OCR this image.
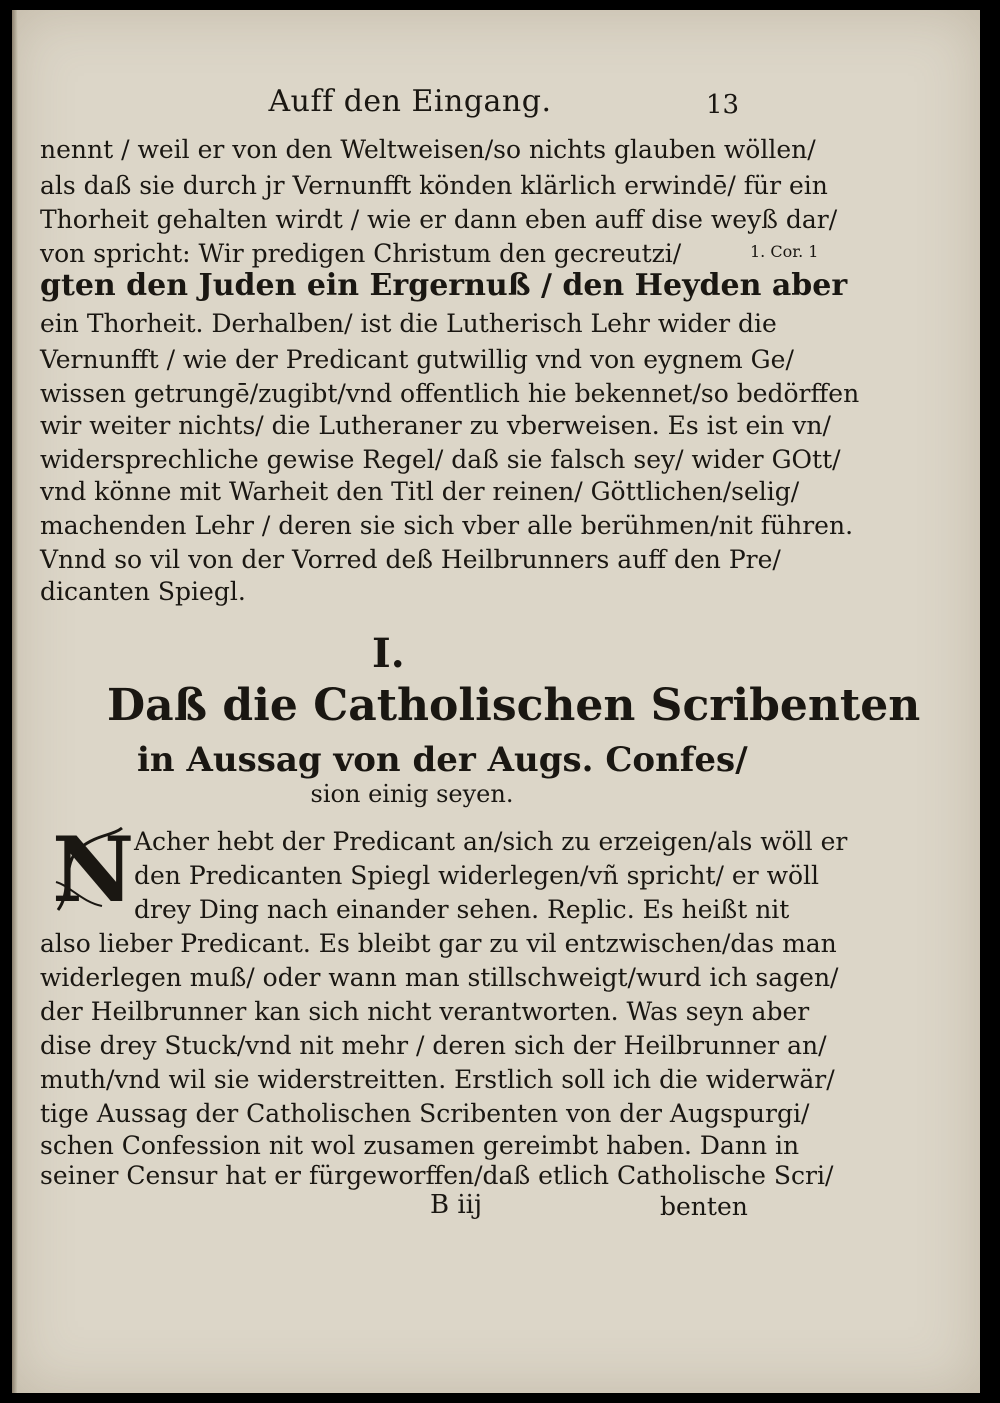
Auff den Eingang.	13
nennt / weil er von den Weltweisen/so nichts glauben wöllen/
als daß sie durch jr Vernunfft könden klärlich erwindē/ für ein
Thorheit gehalten wirdt / wie er dann eben auff dise weyß dar/
von spricht: Wir predigen Christum den gecreutzi/
gten den Juden ein Ergernuß / den Heyden aber
ein Thorheit. Derhalben/ ist die Lutherisch Lehr wider die
Vernunfft / wie der Predicant gutwillig vnd von eygnem Ge/
wissen getrungē/zugibt/vnd offentlich hie bekennet/so bedörffen
wir weiter nichts/ die Lutheraner zu vberweisen. Es ist ein vn/
widersprechliche gewise Regel/ daß sie falsch sey/ wider GOtt/
vnd könne mit Warheit den Titl der reinen/ Göttlichen/selig/
machenden Lehr / deren sie sich vber alle berühmen/nit führen.
Vnnd so vil von der Vorred deß Heilbrunners auff den Pre/
dicanten Spiegl.
1. Cor. 1
I.
Daß die Catholischen Scribenten
in Aussag von der Augs. Confes/
sion einig seyen.
N Acher hebt der Predicant an/sich zu erzeigen/als wöll er
den Predicanten Spiegl widerlegen/vñ spricht/ er wöll
drey Ding nach einander sehen. Replic. Es heißt nit
also lieber Predicant. Es bleibt gar zu vil entzwischen/das man
widerlegen muß/ oder wann man stillschweigt/wurd ich sagen/
der Heilbrunner kan sich nicht verantworten. Was seyn aber
dise drey Stuck/vnd nit mehr / deren sich der Heilbrunner an/
muth/vnd wil sie widerstreitten. Erstlich soll ich die widerwär/
tige Aussag der Catholischen Scribenten von der Augspurgi/
schen Confession nit wol zusamen gereimbt haben. Dann in
seiner Censur hat er fürgeworffen/daß etlich Catholische Scri/
B iij	benten
